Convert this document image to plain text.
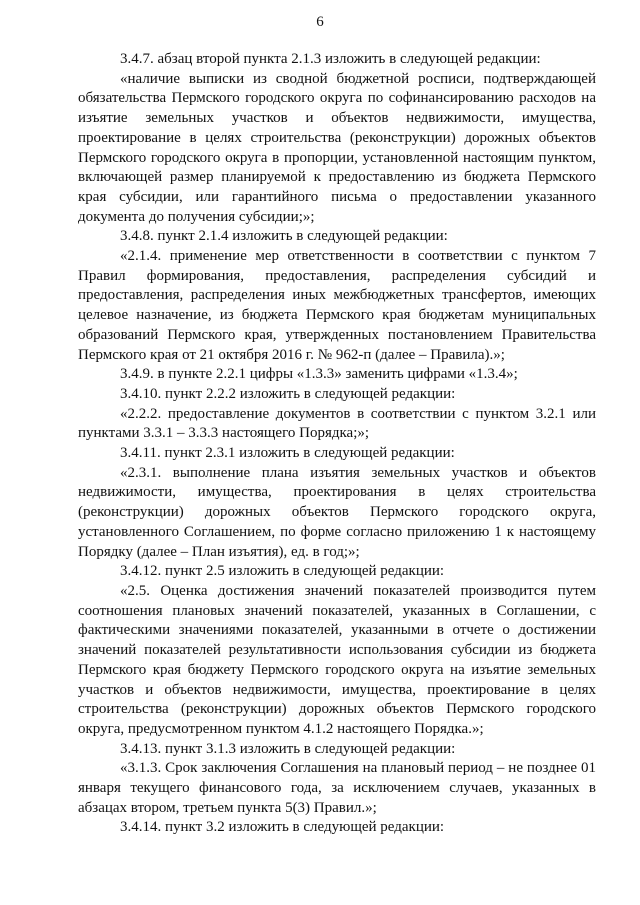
6

3.4.7. абзац второй пункта 2.1.3 изложить в следующей редакции:

«наличие выписки из сводной бюджетной росписи, подтверждающей обязательства Пермского городского округа по софинансированию расходов на изъятие земельных участков и объектов недвижимости, имущества, проектирование в целях строительства (реконструкции) дорожных объектов Пермского городского округа в пропорции, установленной настоящим пунктом, включающей размер планируемой к предоставлению из бюджета Пермского края субсидии, или гарантийного письма о предоставлении указанного документа до получения субсидии;»;

3.4.8. пункт 2.1.4 изложить в следующей редакции:

«2.1.4. применение мер ответственности в соответствии с пунктом 7 Правил формирования, предоставления, распределения субсидий и предоставления, распределения иных межбюджетных трансфертов, имеющих целевое назначение, из бюджета Пермского края бюджетам муниципальных образований Пермского края, утвержденных постановлением Правительства Пермского края от 21 октября 2016 г. № 962-п (далее – Правила).»;

3.4.9. в пункте 2.2.1 цифры «1.3.3» заменить цифрами «1.3.4»;

3.4.10. пункт 2.2.2 изложить в следующей редакции:

«2.2.2. предоставление документов в соответствии с пунктом 3.2.1 или пунктами 3.3.1 – 3.3.3 настоящего Порядка;»;

3.4.11. пункт 2.3.1 изложить в следующей редакции:

«2.3.1. выполнение плана изъятия земельных участков и объектов недвижимости, имущества, проектирования в целях строительства (реконструкции) дорожных объектов Пермского городского округа, установленного Соглашением, по форме согласно приложению 1 к настоящему Порядку (далее – План изъятия), ед. в год;»;

3.4.12. пункт 2.5 изложить в следующей редакции:

«2.5. Оценка достижения значений показателей производится путем соотношения плановых значений показателей, указанных в Соглашении, с фактическими значениями показателей, указанными в отчете о достижении значений показателей результативности использования субсидии из бюджета Пермского края бюджету Пермского городского округа на изъятие земельных участков и объектов недвижимости, имущества, проектирование в целях строительства (реконструкции) дорожных объектов Пермского городского округа, предусмотренном пунктом 4.1.2 настоящего Порядка.»;

3.4.13. пункт 3.1.3 изложить в следующей редакции:

«3.1.3. Срок заключения Соглашения на плановый период – не позднее 01 января текущего финансового года, за исключением случаев, указанных в абзацах втором, третьем пункта 5(3) Правил.»;

3.4.14. пункт 3.2 изложить в следующей редакции:
